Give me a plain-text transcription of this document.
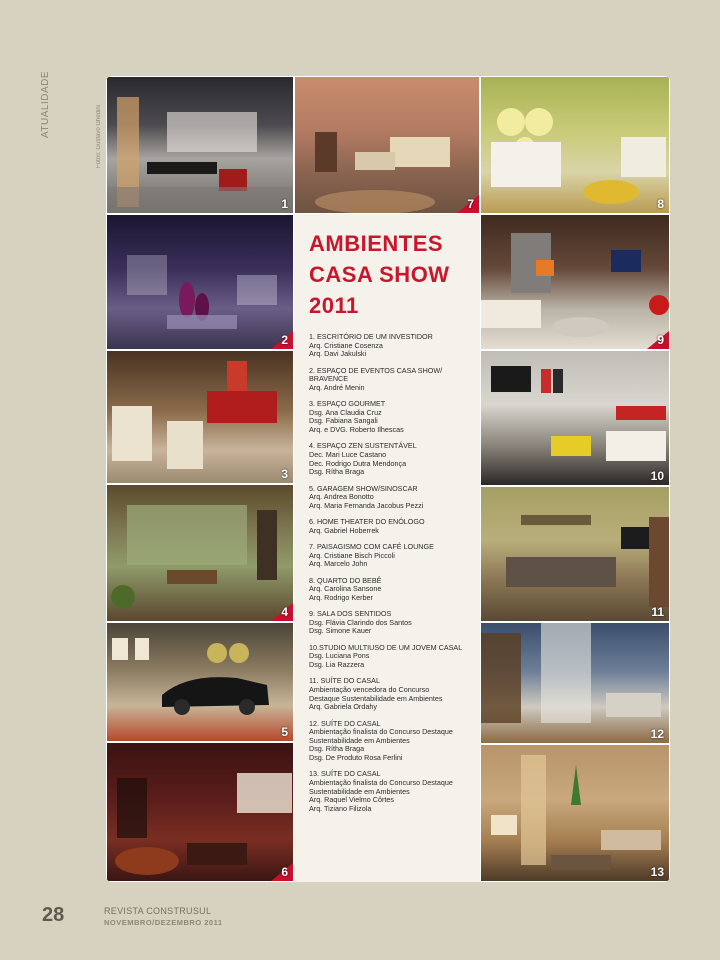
ATUALIDADE	Fotos: Gustavo Ghedini
1
2
3
4
5
6
7	8
9
10
11
12
13
AMBIENTES
CASA SHOW
2011
1. ESCRITÓRIO DE UM INVESTIDOR
Arq. Cristiane Cosenza
Arq. Davi Jakulski
2. ESPAÇO DE EVENTOS CASA SHOW/
BRAVENCE
Arq. André Menin
3. ESPAÇO GOURMET
Dsg. Ana Claudia Cruz
Dsg. Fabiana Sangali
Arq. e DVG. Roberto Ilhescas
4. ESPAÇO ZEN SUSTENTÁVEL
Dec. Mari Luce Castano
Dec. Rodrigo Dutra Mendonça
Dsg. Rítha Braga
5. GARAGEM SHOW/SINOSCAR
Arq. Andrea Bonotto
Arq. Maria Fernanda Jacobus Pezzi
6. HOME THEATER DO ENÓLOGO
Arq. Gabriel Hoberrek
7. PAISAGISMO COM CAFÉ LOUNGE
Arq. Cristiane Bisch Piccoli
Arq. Marcelo John
8. QUARTO DO BEBÊ
Arq. Carolina Sansone
Arq. Rodrigo Kerber
9. SALA DOS SENTIDOS
Dsg. Flávia Clarindo dos Santos
Dsg. Simone Kauer
10.STUDIO MULTIUSO DE UM JOVEM CASAL
Dsg. Luciana Pons
Dsg. Lia Razzera
11. SUÍTE DO CASAL
Ambientação vencedora do Concurso
Destaque Sustentabilidade em Ambientes
Arq. Gabriela Ordahy
12. SUÍTE DO CASAL
Ambientação finalista do Concurso Destaque
Sustentabilidade em Ambientes
Dsg. Rítha Braga
Dsg. De Produto Rosa Ferlini
13. SUÍTE DO CASAL
Ambientação finalista do Concurso Destaque
Sustentabilidade em Ambientes
Arq. Raquel Vielmo Côrtes
Arq. Tiziano Filizola
28	REVISTA CONSTRUSUL
NOVEMBRO/DEZEMBRO 2011
